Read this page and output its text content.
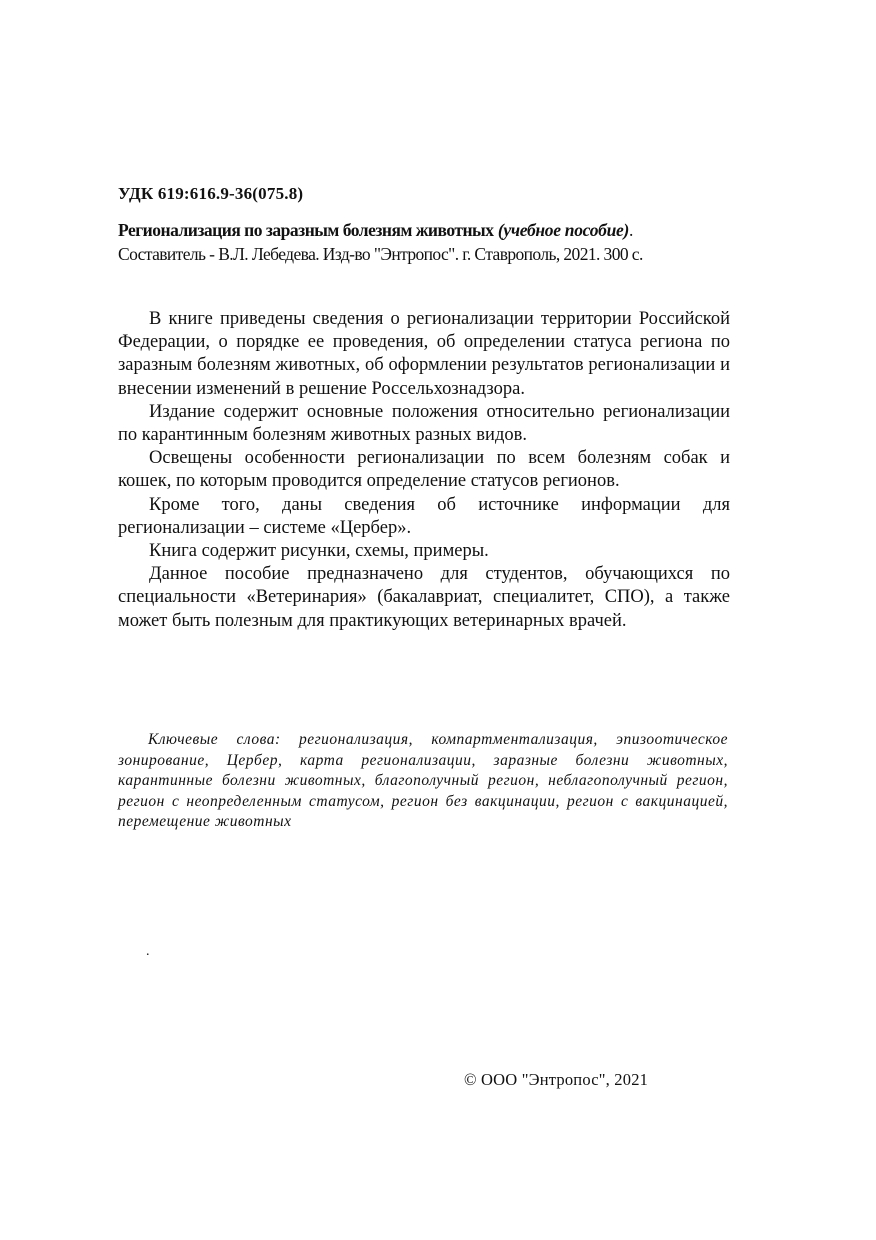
УДК 619:616.9-36(075.8)
Регионализация по заразным болезням животных (учебное пособие).
Составитель - В.Л. Лебедева. Изд-во "Энтропос". г. Ставрополь, 2021. 300 с.

В книге приведены сведения о регионализации территории Российской Федерации, о порядке ее проведения, об определении статуса региона по заразным болезням животных, об оформлении результатов регионализации и внесении изменений в решение Россельхознадзора.

Издание содержит основные положения относительно регионализации по карантинным болезням животных разных видов.

Освещены особенности регионализации по всем болезням собак и кошек, по которым проводится определение статусов регионов.

Кроме того, даны сведения об источнике информации для регионализации – системе «Цербер».

Книга содержит рисунки, схемы, примеры.

Данное пособие предназначено для студентов, обучающихся по специальности «Ветеринария» (бакалавриат, специалитет, СПО), а также может быть полезным для практикующих ветеринарных врачей.

Ключевые слова: регионализация, компартментализация, эпизоотическое зонирование, Цербер, карта регионализации, заразные болезни животных, карантинные болезни животных, благополучный регион, неблагополучный регион, регион с неопределенным статусом, регион без вакцинации, регион с вакцинацией, перемещение животных
.
© ООО "Энтропос", 2021
